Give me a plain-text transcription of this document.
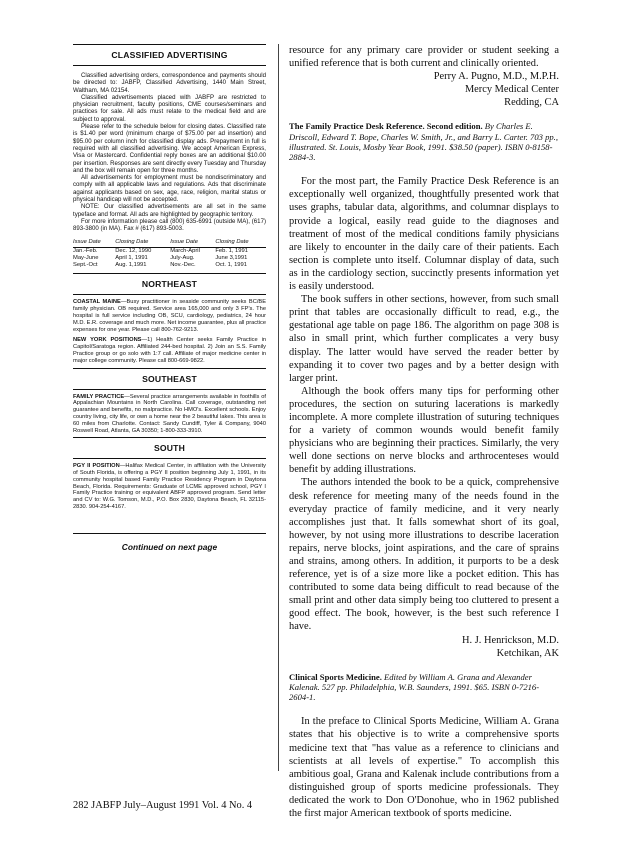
CLASSIFIED ADVERTISING

Classified advertising orders, correspondence and payments should be directed to: JABFP, Classified Advertising, 1440 Main Street, Waltham, MA 02154.

Classified advertisements placed with JABFP are restricted to physician recruitment, faculty positions, CME courses/seminars and practices for sale. All ads must relate to the medical field and are subject to approval.

Please refer to the schedule below for closing dates. Classified rate is $1.40 per word (minimum charge of $75.00 per ad insertion) and $95.00 per column inch for classified display ads. Prepayment in full is required with all classified advertising. We accept American Express, Visa or Mastercard. Confidential reply boxes are an additional $10.00 per insertion. Responses are sent directly every Tuesday and Thursday and the box will remain open for three months.

All advertisements for employment must be nondiscriminatory and comply with all applicable laws and regulations. Ads that discriminate against applicants based on sex, age, race, religion, marital status or physical handicap will not be accepted.

NOTE: Our classified advertisements are all set in the same typeface and format. All ads are highlighted by geographic territory.

For more information please call (800) 635-6991 (outside MA), (617) 893-3800 (in MA). Fax # (617) 893-5003.

Issue Date	Closing Date	Issue Date	Closing Date
Jan.-Feb.	Dec. 12, 1990	March-April	Feb. 1, 1991
May-June	April 1, 1991	July-Aug.	June 3,1991
Sept.-Oct	Aug. 1,1991	Nov.-Dec.	Oct. 1, 1991
NORTHEAST
COASTAL MAINE—Busy practitioner in seaside community seeks BC/BE family physician. OB required. Service area 165,000 and only 3 FP's. The hospital is full service including OB, SCU, cardiology, pediatrics, 24 hour M.D. E.R. coverage and much more. Net income guarantee, plus all practice expenses for one year. Please call 800-762-9213.
NEW YORK POSITIONS—1) Health Center seeks Family Practice in Capitol/Saratoga region. Affiliated 244-bed hospital. 2) Join an S.S. Family Practice group or go solo with 1:7 call. Affiliate of major medicine center in major college community. Please call 800-669-9822.
SOUTHEAST
FAMILY PRACTICE—Several practice arrangements available in foothills of Appalachian Mountains in North Carolina. Call coverage, outstanding net guarantee and benefits, no malpractice. No HMO's. Excellent schools. Enjoy country living, city life, or own a home near the 2 beautiful lakes. This area is 60 miles from Charlotte. Contact: Sandy Cundiff, Tyler & Company, 9040 Roswell Road, Atlanta, GA 30350; 1-800-333-3910.
SOUTH
PGY II POSITION—Halifax Medical Center, in affiliation with the University of South Florida, is offering a PGY II position beginning July 1, 1991, in its community hospital based Family Practice Residency Program in Daytona Beach, Florida. Requirements: Graduate of LCME approved school, PGY I Family Practice training or equivalent ABFP approved program. Send letter and CV to: W.G. Tomson, M.D., P.O. Box 2830, Daytona Beach, FL 32115-2830. 904-254-4167.
Continued on next page

resource for any primary care provider or student seeking a unified reference that is both current and clinically oriented.

Perry A. Pugno, M.D., M.P.H.
Mercy Medical Center
Redding, CA
The Family Practice Desk Reference. Second edition. By Charles E. Driscoll, Edward T. Bope, Charles W. Smith, Jr., and Barry L. Carter. 703 pp., illustrated. St. Louis, Mosby Year Book, 1991. $38.50 (paper). ISBN 0-8158-2884-3.

For the most part, the Family Practice Desk Reference is an exceptionally well organized, thoughtfully presented work that uses graphs, tabular data, algorithms, and columnar displays to provide a logical, easily read guide to the diagnoses and treatment of most of the medical conditions family physicians are likely to encounter in the daily care of their patients. Each section is complete unto itself. Columnar display of data, such as in the cardiology section, succinctly presents information yet is easily understood.

The book suffers in other sections, however, from such small print that tables are occasionally difficult to read, e.g., the gestational age table on page 186. The algorithm on page 308 is also in small print, which further complicates a very busy display. The latter would have served the reader better by expanding it to cover two pages and by a better design with larger print.

Although the book offers many tips for performing other procedures, the section on suturing lacerations is markedly incomplete. A more complete illustration of suturing techniques for a variety of common wounds would benefit family physicians who are beginning their practices. Similarly, the very well done sections on nerve blocks and arthrocenteses would benefit by adding illustrations.

The authors intended the book to be a quick, comprehensive desk reference for meeting many of the needs found in the everyday practice of family medicine, and it very nearly accomplishes just that. It falls somewhat short of its goal, however, by not using more illustrations to describe laceration repairs, nerve blocks, joint aspirations, and the care of sprains and strains, among others. In addition, it purports to be a desk reference, yet is of a size more like a pocket edition. This has contributed to some data being difficult to read because of the small print and other data simply being too cluttered to present a good effect. The book, however, is the best such reference I have.

H. J. Henrickson, M.D.
Ketchikan, AK
Clinical Sports Medicine. Edited by William A. Grana and Alexander Kalenak. 527 pp. Philadelphia, W.B. Saunders, 1991. $65. ISBN 0-7216-2604-1.

In the preface to Clinical Sports Medicine, William A. Grana states that his objective is to write a comprehensive sports medicine text that "has value as a reference to clinicians and scientists at all levels of expertise." To accomplish this ambitious goal, Grana and Kalenak include contributions from a distinguished group of sports medicine professionals. They dedicated the work to Don O'Donohue, who in 1962 published the first major American textbook of sports medicine.

282 JABFP July–August 1991 Vol. 4 No. 4
